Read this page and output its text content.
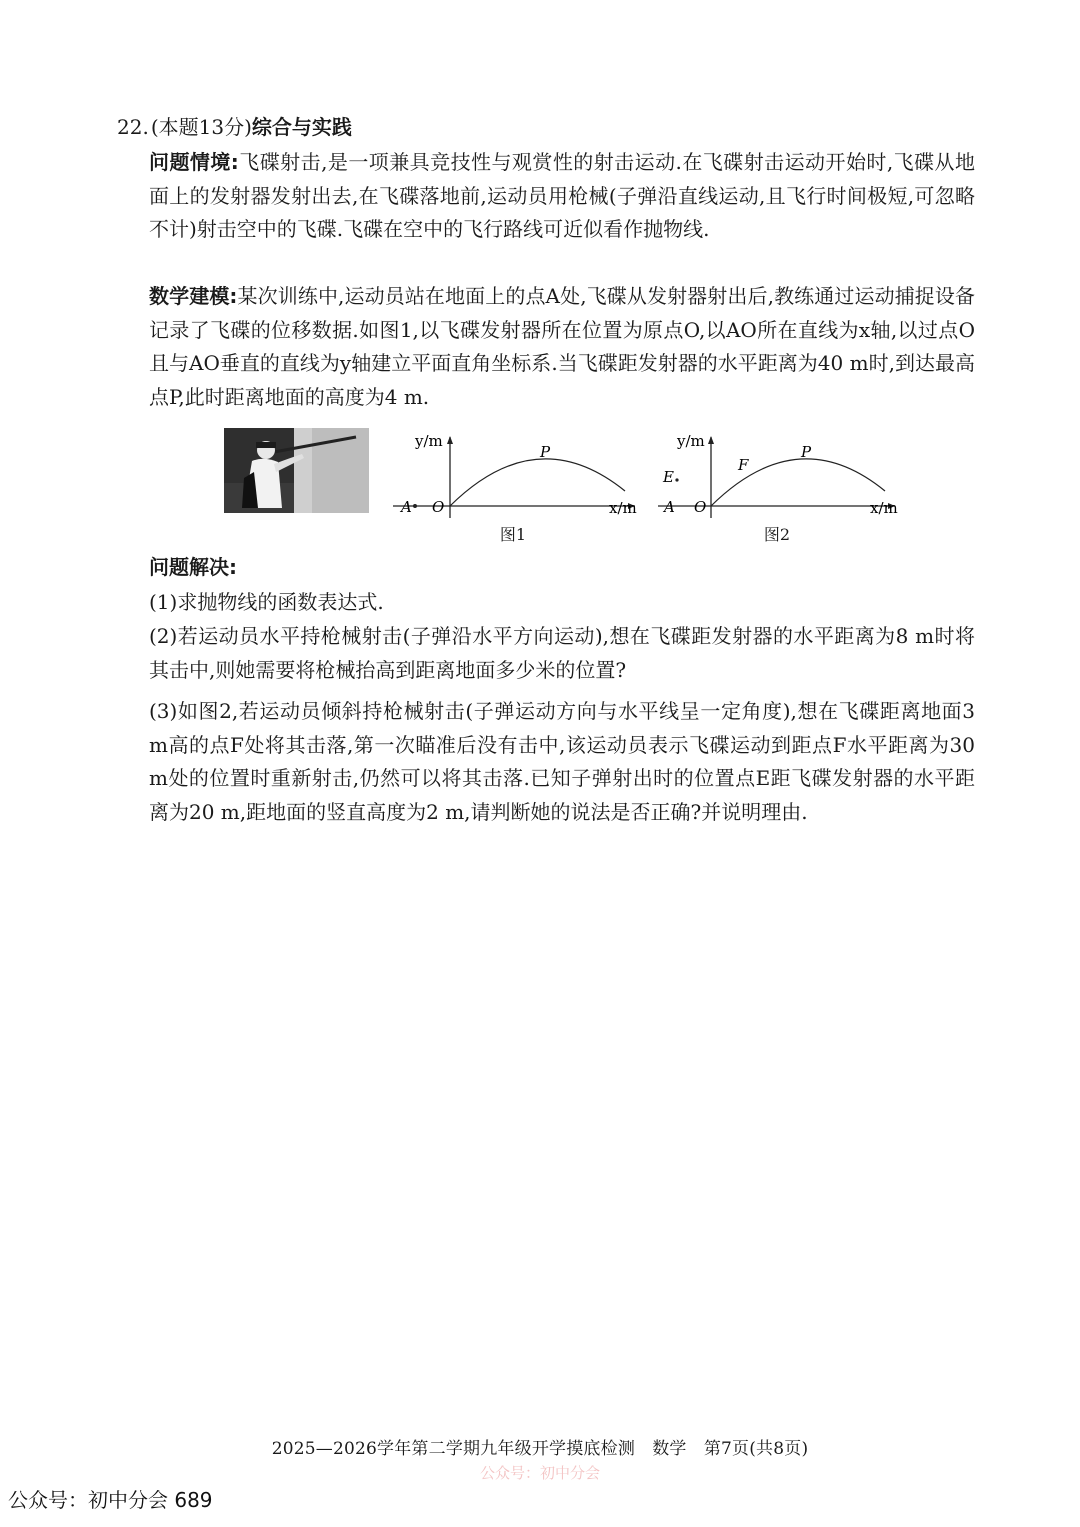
22. (本题13分)综合与实践

问题情境:飞碟射击,是一项兼具竞技性与观赏性的射击运动.在飞碟射击运动开始时,飞碟从地面上的发射器发射出去,在飞碟落地前,运动员用枪械(子弹沿直线运动,且飞行时间极短,可忽略不计)射击空中的飞碟.飞碟在空中的飞行路线可近似看作抛物线.

数学建模:某次训练中,运动员站在地面上的点A处,飞碟从发射器射出后,教练通过运动捕捉设备记录了飞碟的位移数据.如图1,以飞碟发射器所在位置为原点O,以AO所在直线为x轴,以过点O且与AO垂直的直线为y轴建立平面直角坐标系.当飞碟距发射器的水平距离为40 m时,到达最高点P,此时距离地面的高度为4 m.

A O
P
y/m
x/m
图1
E
F
A O
P
y/m
x/m
图2

问题解决:

(1)求抛物线的函数表达式.

(2)若运动员水平持枪械射击(子弹沿水平方向运动),想在飞碟距发射器的水平距离为8 m时将其击中,则她需要将枪械抬高到距离地面多少米的位置?

(3)如图2,若运动员倾斜持枪械射击(子弹运动方向与水平线呈一定角度),想在飞碟距离地面3 m高的点F处将其击落,第一次瞄准后没有击中,该运动员表示飞碟运动到距点F水平距离为30 m处的位置时重新射击,仍然可以将其击落.已知子弹射出时的位置点E距飞碟发射器的水平距离为20 m,距地面的竖直高度为2 m,请判断她的说法是否正确?并说明理由.

2025—2026学年第二学期九年级开学摸底检测　数学　第7页(共8页)
公众号：初中分会
公众号：初中分会 689
